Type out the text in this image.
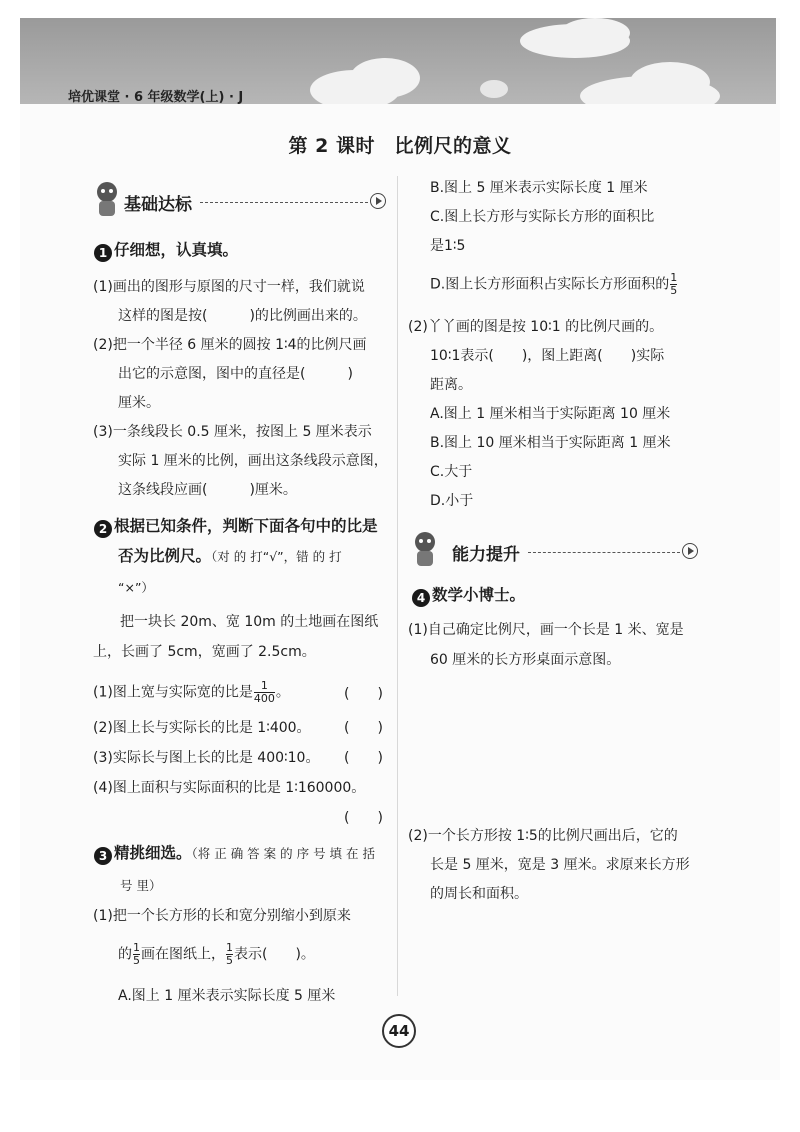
培优课堂 · 6 年级数学(上) · J
第 2 课时　比例尺的意义
基础达标
1 仔细想，认真填。
(1)画出的图形与原图的尺寸一样，我们就说
这样的图是按(　　　)的比例画出来的。
(2)把一个半径 6 厘米的圆按 1∶4的比例尺画
出它的示意图，图中的直径是(　　　)
厘米。
(3)一条线段长 0.5 厘米，按图上 5 厘米表示
实际 1 厘米的比例，画出这条线段示意图，
这条线段应画(　　　)厘米。
2 根据已知条件，判断下面各句中的比是
否为比例尺。（对 的 打“√”，错 的 打
“×”）
把一块长 20m、宽 10m 的土地画在图纸
上，长画了 5cm，宽画了 2.5cm。
(1)图上宽与实际宽的比是 $\frac{1}{400}$ 。	(　　)
(2)图上长与实际长的比是 1∶400。 (　　)
(3)实际长与图上长的比是 400∶10。 (　　)
(4)图上面积与实际面积的比是 1∶160000。
(　　)
3 精挑细选。（将 正 确 答 案 的 序 号 填 在 括
号 里）
(1)把一个长方形的长和宽分别缩小到原来
的 $\frac{1}{5}$ 画在图纸上， $\frac{1}{5}$ 表示(　　)。
A.图上 1 厘米表示实际长度 5 厘米
B.图上 5 厘米表示实际长度 1 厘米
C.图上长方形与实际长方形的面积比
是1∶5
D.图上长方形面积占实际长方形面积的 $\frac{1}{5}$
(2)丫丫画的图是按 10∶1 的比例尺画的。
10∶1表示(　　)，图上距离(　　)实际
距离。
A.图上 1 厘米相当于实际距离 10 厘米
B.图上 10 厘米相当于实际距离 1 厘米
C.大于
D.小于
能力提升
4 数学小博士。
(1)自己确定比例尺，画一个长是 1 米、宽是
60 厘米的长方形桌面示意图。
(2)一个长方形按 1∶5的比例尺画出后，它的
长是 5 厘米，宽是 3 厘米。求原来长方形
的周长和面积。
44
